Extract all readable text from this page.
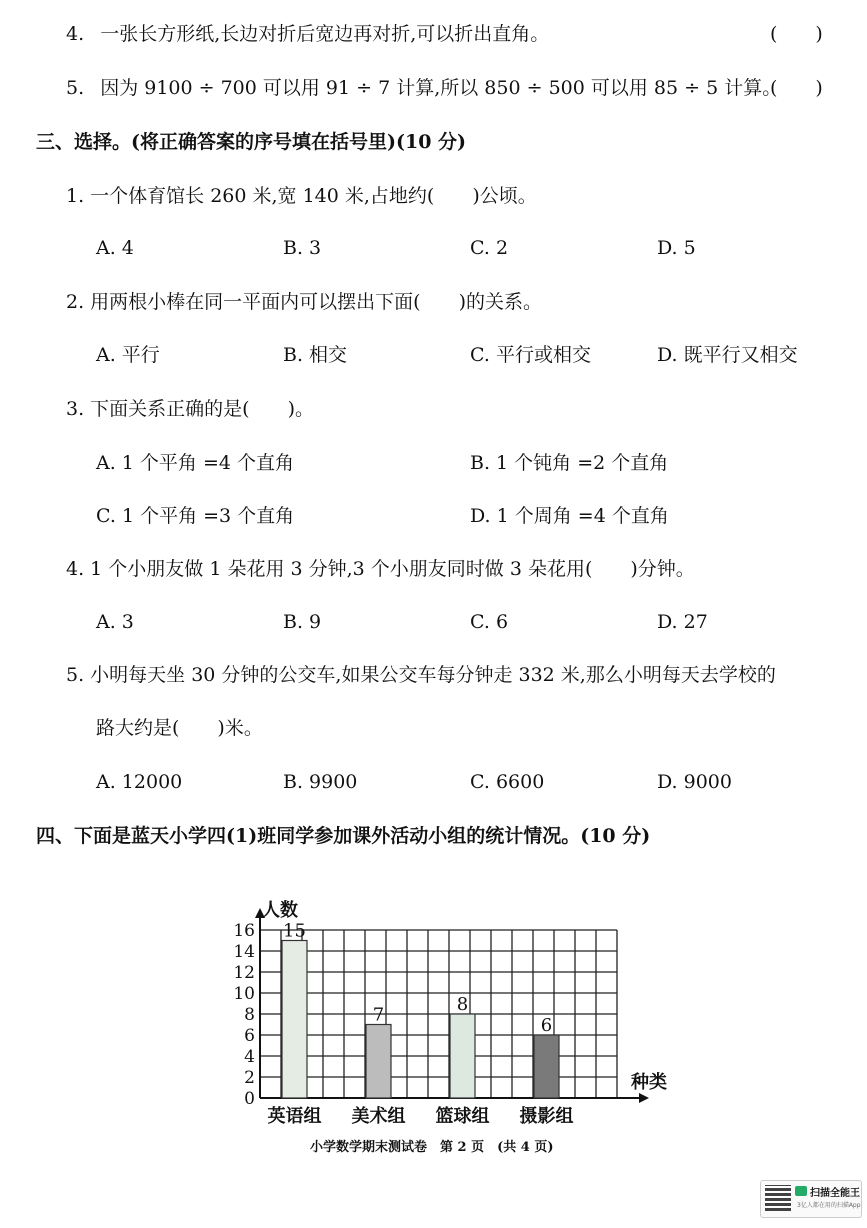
4. 一张长方形纸,长边对折后宽边再对折,可以折出直角。	(　　)
5. 因为 9100 ÷ 700 可以用 91 ÷ 7 计算,所以 850 ÷ 500 可以用 85 ÷ 5 计算。
(　　)
三、选择。(将正确答案的序号填在括号里)(10 分)
1. 一个体育馆长 260 米,宽 140 米,占地约(　　)公顷。
A. 4	B. 3	C. 2	D. 5
2. 用两根小棒在同一平面内可以摆出下面(　　)的关系。
A. 平行	B. 相交	C. 平行或相交	D. 既平行又相交
3. 下面关系正确的是(　　)。
A. 1 个平角 =4 个直角	B. 1 个钝角 =2 个直角
C. 1 个平角 =3 个直角	D. 1 个周角 =4 个直角
4. 1 个小朋友做 1 朵花用 3 分钟,3 个小朋友同时做 3 朵花用(　　)分钟。
A. 3	B. 9	C. 6	D. 27
5. 小明每天坐 30 分钟的公交车,如果公交车每分钟走 332 米,那么小明每天去学校的
路大约是(　　)米。
A. 12000	B. 9900	C. 6600	D. 9000
四、下面是蓝天小学四(1)班同学参加课外活动小组的统计情况。(10 分)
0
2
4
6
8
10
12
14
16
人数
种类
15
英语组
7
美术组
8
篮球组
6
摄影组
小学数学期末测试卷　第 2 页　(共 4 页)
扫描全能王
3亿人都在用的扫描App
